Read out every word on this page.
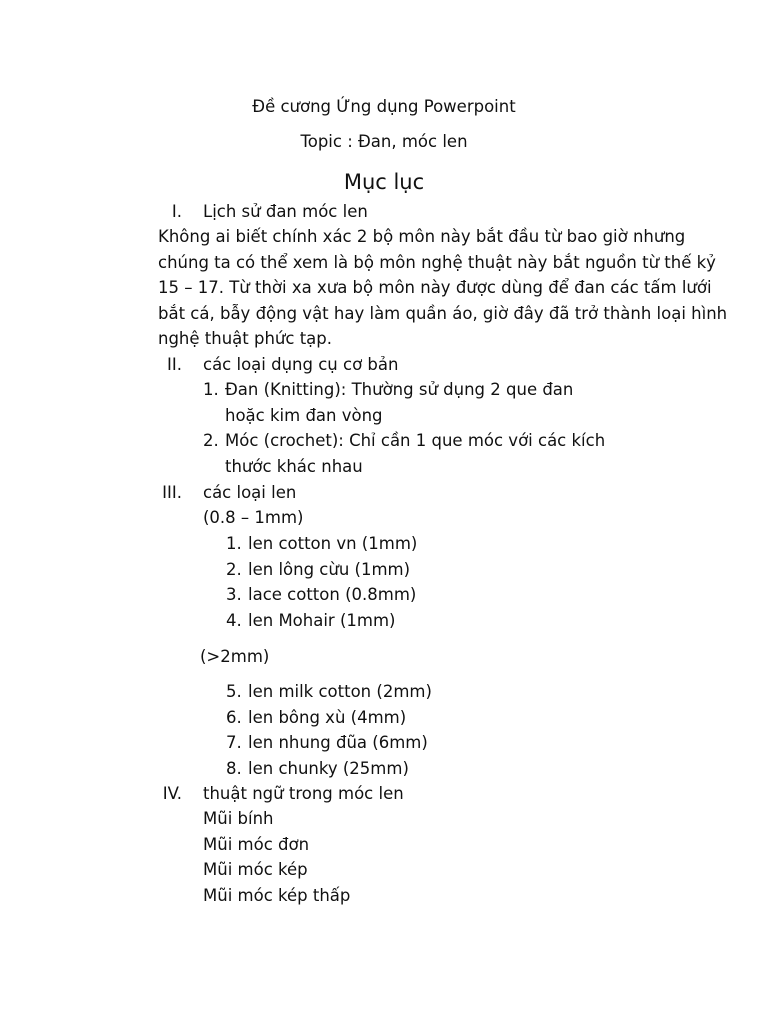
Đề cương Ứng dụng Powerpoint
Topic : Đan, móc len
Mục lục
I. Lịch sử đan móc len
Không ai biết chính xác 2 bộ môn này bắt đầu từ bao giờ nhưng
chúng ta có thể xem là bộ môn nghệ thuật này bắt nguồn từ thế kỷ
15 – 17. Từ thời xa xưa bộ môn này được dùng để đan các tấm lưới
bắt cá, bẫy động vật hay làm quần áo, giờ đây đã trở thành loại hình
nghệ thuật phức tạp.
II. các loại dụng cụ cơ bản
1. Đan (Knitting): Thường sử dụng 2 que đan
hoặc kim đan vòng
2. Móc (crochet): Chỉ cần 1 que móc với các kích
thước khác nhau
III. các loại len
(0.8 – 1mm)
1. len cotton vn (1mm)
2. len lông cừu (1mm)
3. lace cotton (0.8mm)
4. len Mohair (1mm)
(>2mm)
5. len milk cotton (2mm)
6. len bông xù (4mm)
7. len nhung đũa (6mm)
8. len chunky (25mm)
IV. thuật ngữ trong móc len
Mũi bính
Mũi móc đơn
Mũi móc kép
Mũi móc kép thấp
